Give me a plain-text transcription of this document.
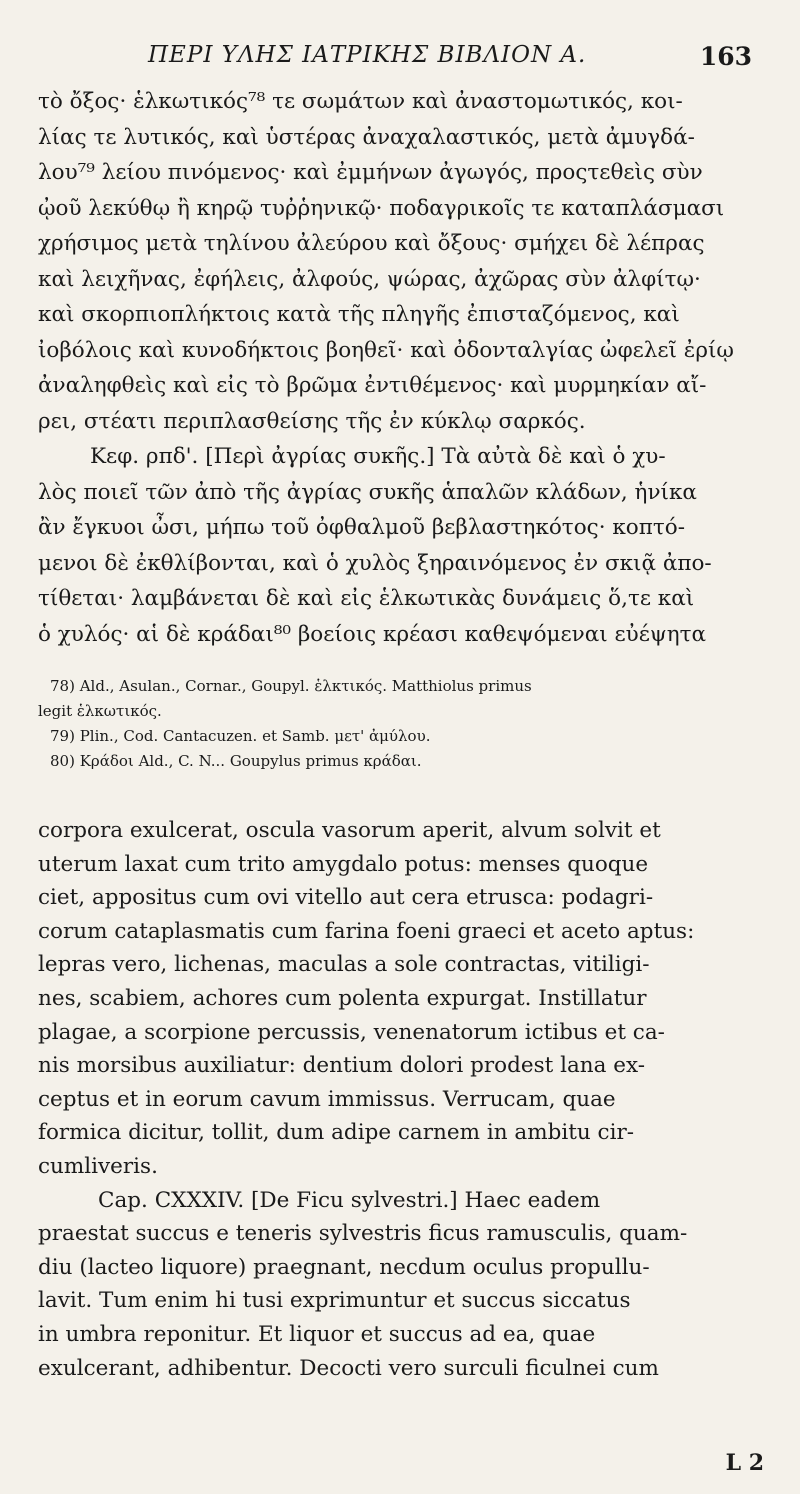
ΠΕΡΙ ΥΛΗΣ ΙΑΤΡΙΚΗΣ ΒΙΒΛΙΟΝ Α.	163

τὸ ὄξος· ἑλκωτικός⁷⁸ τε σωμάτων καὶ ἀναστομωτικός, κοι-

λίας τε λυτικός, καὶ ὑστέρας ἀναχαλαστικός, μετὰ ἀμυγδά-

λου⁷⁹ λείου πινόμενος· καὶ ἐμμήνων ἀγωγός, προςτεθεὶς σὺν

ᾠοῦ λεκύθῳ ἢ κηρῷ τυῤῥηνικῷ· ποδαγρικοῖς τε καταπλάσμασι

χρήσιμος μετὰ τηλίνου ἀλεύρου καὶ ὄξους· σμήχει δὲ λέπρας

καὶ λειχῆνας, ἐφήλεις, ἀλφούς, ψώρας, ἀχῶρας σὺν ἀλφίτῳ·

καὶ σκορπιοπλήκτοις κατὰ τῆς πληγῆς ἐπισταζόμενος, καὶ

ἰοβόλοις καὶ κυνοδήκτοις βοηθεῖ· καὶ ὀδονταλγίας ὠφελεῖ ἐρίῳ

ἀναληφθεὶς καὶ εἰς τὸ βρῶμα ἐντιθέμενος· καὶ μυρμηκίαν αἴ-

ρει, στέατι περιπλασθείσης τῆς ἐν κύκλῳ σαρκός.

Κεφ. ρπδ'. [Περὶ ἀγρίας συκῆς.] Τὰ αὐτὰ δὲ καὶ ὁ χυ-

λὸς ποιεῖ τῶν ἀπὸ τῆς ἀγρίας συκῆς ἁπαλῶν κλάδων, ἡνίκα

ἂν ἔγκυοι ὦσι, μήπω τοῦ ὀφθαλμοῦ βεβλαστηκότος· κοπτό-

μενοι δὲ ἐκθλίβονται, καὶ ὁ χυλὸς ξηραινόμενος ἐν σκιᾷ ἀπο-

τίθεται· λαμβάνεται δὲ καὶ εἰς ἑλκωτικὰς δυνάμεις ὅ,τε καὶ

ὁ χυλός· αἱ δὲ κράδαι⁸⁰ βοείοις κρέασι καθεψόμεναι εὐέψητα

78) Ald., Asulan., Cornar., Goupyl. ἑλκτικός. Matthiolus primus

legit ἑλκωτικός.

79) Plin., Cod. Cantacuzen. et Samb. μετ' ἀμύλου.

80) Κράδοι Ald., C. N... Goupylus primus κράδαι.

corpora exulcerat, oscula vasorum aperit, alvum solvit et

uterum laxat cum trito amygdalo potus: menses quoque

ciet, appositus cum ovi vitello aut cera etrusca: podagri-

corum cataplasmatis cum farina foeni graeci et aceto aptus:

lepras vero, lichenas, maculas a sole contractas, vitiligi-

nes, scabiem, achores cum polenta expurgat. Instillatur

plagae, a scorpione percussis, venenatorum ictibus et ca-

nis morsibus auxiliatur: dentium dolori prodest lana ex-

ceptus et in eorum cavum immissus. Verrucam, quae

formica dicitur, tollit, dum adipe carnem in ambitu cir-

cumliveris.

Cap. CXXXIV. [De Ficu sylvestri.] Haec eadem

praestat succus e teneris sylvestris ficus ramusculis, quam-

diu (lacteo liquore) praegnant, necdum oculus propullu-

lavit. Tum enim hi tusi exprimuntur et succus siccatus

in umbra reponitur. Et liquor et succus ad ea, quae

exulcerant, adhibentur. Decocti vero surculi ficulnei cum

L 2
